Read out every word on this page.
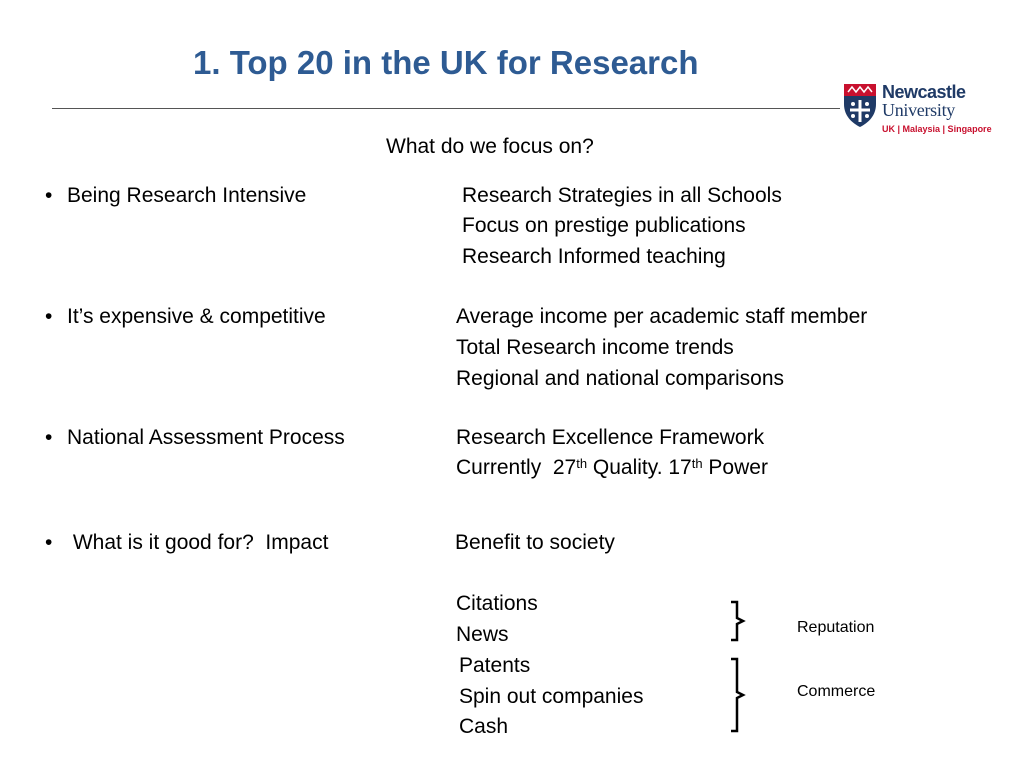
1. Top 20 in the UK for Research
Newcastle
University
UK | Malaysia | Singapore
What do we focus on?
• Being Research Intensive	Research Strategies in all Schools
Focus on prestige publications
Research Informed teaching
• It’s expensive & competitive	Average income per academic staff member
Total Research income trends
Regional and national comparisons
• National Assessment Process	Research Excellence Framework
Currently  27th Quality. 17th Power
• What is it good for?  Impact	Benefit to society
Citations
News
Patents
Spin out companies
Cash
Reputation
Commerce
